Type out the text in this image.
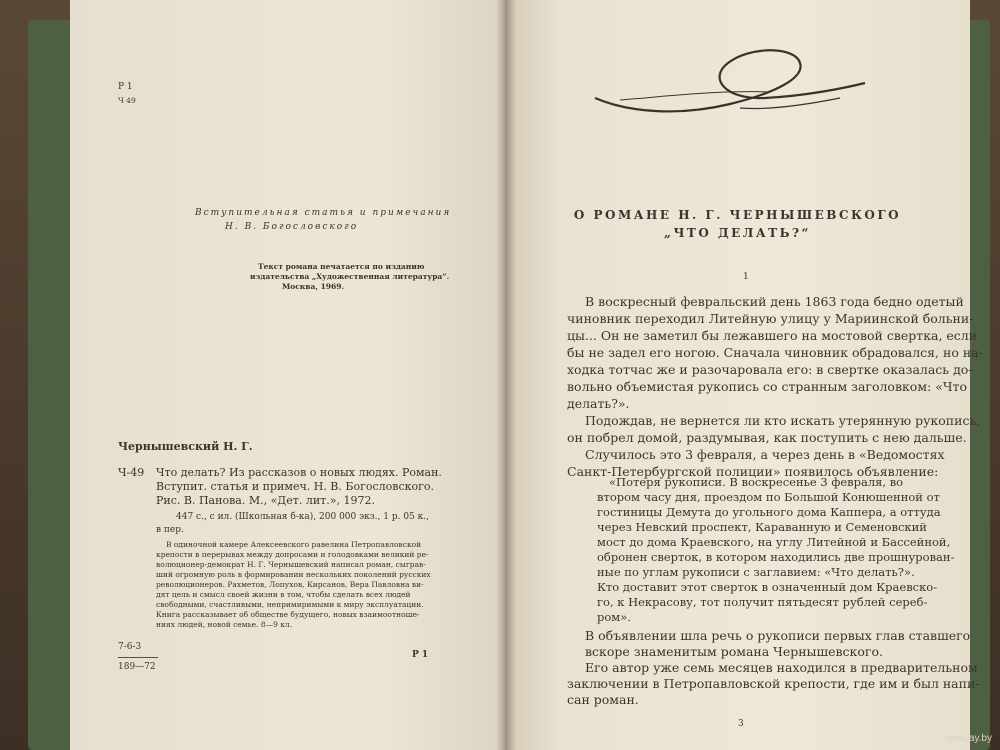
Р 1
Ч 49
Вступительная статья и примечания
Н. В. Богословского
Текст романа печатается по изданию
издательства „Художественная литература“.
Москва, 1969.
Чернышевский Н. Г.
Ч-49 Что делать? Из рассказов о новых людях. Роман.
Вступит. статья и примеч. Н. В. Богословского.
Рис. В. Панова. М., «Дет. лит.», 1972.
447 с., с ил. (Школьная б-ка), 200 000 экз., 1 р. 05 к.,
в пер.
В одиночной камере Алексеевского равелина Петропавловской
крепости в перерывах между допросами и голодовками великий ре-
волюционер-демократ Н. Г. Чернышевский написал роман, сыграв-
ший огромную роль в формировании нескольких поколений русских
революционеров. Рахметов, Лопухов, Кирсанов, Вера Павловна ви-
дят цель и смысл своей жизни в том, чтобы сделать всех людей
свободными, счастливыми, непримиримыми к миру эксплуатации.
Книга рассказывает об обществе будущего, новых взаимоотноше-
ниях людей, новой семье. 8—9 кл.
7-6-3
189—72
Р 1
О РОМАНЕ Н. Г. ЧЕРНЫШЕВСКОГО
„ЧТО ДЕЛАТЬ?“
1
В воскресный февральский день 1863 года бедно одетый
чиновник переходил Литейную улицу у Мариинской больни-
цы... Он не заметил бы лежавшего на мостовой свертка, если
бы не задел его ногою. Сначала чиновник обрадовался, но на-
ходка тотчас же и разочаровала его: в свертке оказалась до-
вольно объемистая рукопись со странным заголовком: «Что
делать?».
Подождав, не вернется ли кто искать утерянную рукопись,
он побрел домой, раздумывая, как поступить с нею дальше.
Случилось это 3 февраля, а через день в «Ведомостях
Санкт-Петербургской полиции» появилось объявление:
«Потеря рукописи. В воскресенье 3 февраля, во
втором часу дня, проездом по Большой Конюшенной от
гостиницы Демута до угольного дома Каппера, а оттуда
через Невский проспект, Караванную и Семеновский
мост до дома Краевского, на углу Литейной и Бассейной,
обронен сверток, в котором находились две прошнурован-
ные по углам рукописи с заглавием: «Что делать?».
Кто доставит этот сверток в означенный дом Краевско-
го, к Некрасову, тот получит пятьдесят рублей сереб-
ром».
В объявлении шла речь о рукописи первых глав ставшего
вскоре знаменитым романа Чернышевского.
Его автор уже семь месяцев находился в предварительном
заключении в Петропавловской крепости, где им и был напи-
сан роман.
3
www.ay.by
